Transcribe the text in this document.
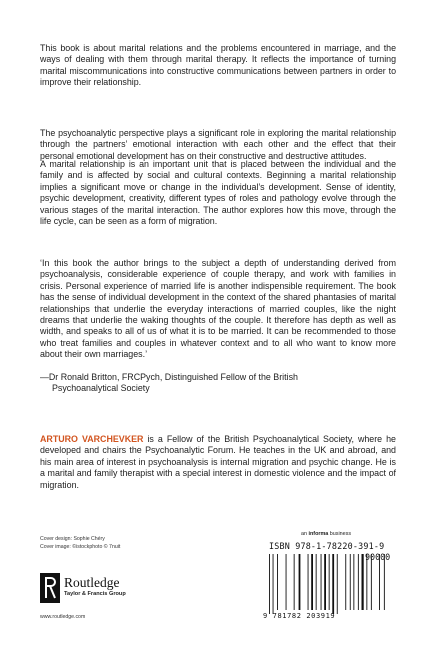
This book is about marital relations and the problems encountered in marriage, and the ways of dealing with them through marital therapy. It reflects the importance of turning marital miscommunications into constructive communications between partners in order to improve their relationship.

The psychoanalytic perspective plays a significant role in exploring the marital relationship through the partners’ emotional interaction with each other and the effect that their personal emotional development has on their constructive and destructive attitudes.

A marital relationship is an important unit that is placed between the individual and the family and is affected by social and cultural contexts. Beginning a marital relationship implies a significant move or change in the individual’s development. Sense of identity, psychic development, creativity, different types of roles and pathology evolve through the various stages of the marital interaction. The author explores how this move, through the life cycle, can be seen as a form of migration.

‘In this book the author brings to the subject a depth of understanding derived from psychoanalysis, considerable experience of couple therapy, and work with families in crisis. Personal experience of married life is another indispensible requirement. The book has the sense of individual development in the context of the shared phantasies of marital relationships that underlie the everyday interactions of married couples, like the night dreams that underlie the waking thoughts of the couple. It therefore has depth as well as width, and speaks to all of us of what it is to be married. It can be recommended to those who treat families and couples in whatever context and to all who want to know more about their own marriages.’

—Dr Ronald Britton, FRCPych, Distinguished Fellow of the British
Psychoanalytical Society

ARTURO VARCHEVKER is a Fellow of the British Psychoanalytical Society, where he developed and chairs the Psychoanalytic Forum. He teaches in the UK and abroad, and his main area of interest in psychoanalysis is internal migration and psychic change. He is a marital and family therapist with a special interest in domestic violence and the impact of migration.

Cover design: Sophie Chéry
Cover image: ©istockphoto © 7nuit
an informa business
ISBN 978-1-78220-391-9
90000
9 781782 203919
Routledge
Taylor & Francis Group
www.routledge.com
